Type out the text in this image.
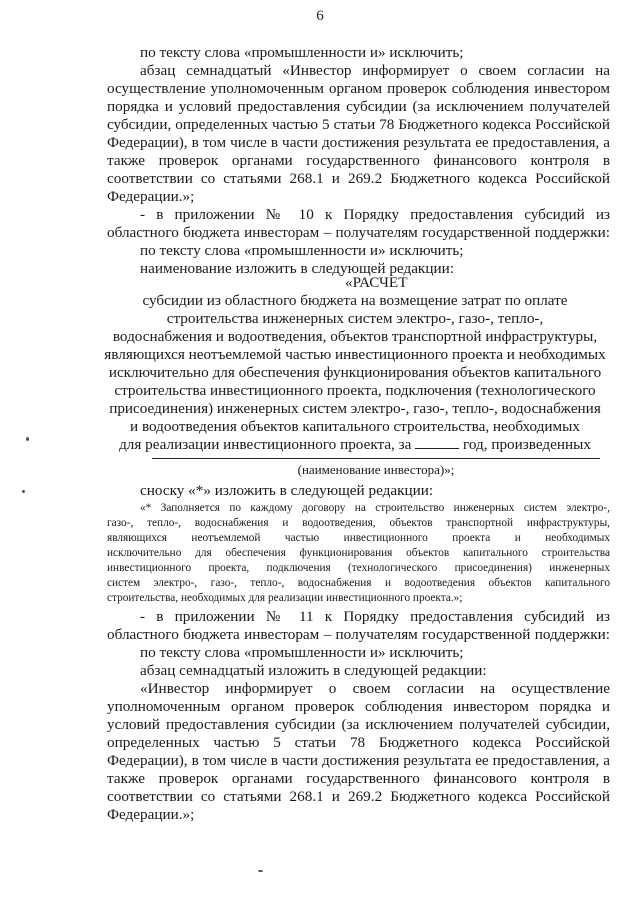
6
по тексту слова «промышленности и» исключить;
абзац семнадцатый «Инвестор информирует о своем согласии на
осуществление уполномоченным органом проверок соблюдения инвестором
порядка и условий предоставления субсидии (за исключением получателей
субсидии, определенных частью 5 статьи 78 Бюджетного кодекса Российской
Федерации), в том числе в части достижения результата ее предоставления, а
также проверок органами государственного финансового контроля в
соответствии со статьями 268.1 и 269.2 Бюджетного кодекса Российской
Федерации.»;
- в приложении № 10 к Порядку предоставления субсидий из
областного бюджета инвесторам – получателям государственной поддержки:
по тексту слова «промышленности и» исключить;
наименование изложить в следующей редакции:
«РАСЧЕТ
субсидии из областного бюджета на возмещение затрат по оплате
строительства инженерных систем электро-, газо-, тепло-,
водоснабжения и водоотведения, объектов транспортной инфраструктуры,
являющихся неотъемлемой частью инвестиционного проекта и необходимых
исключительно для обеспечения функционирования объектов капитального
строительства инвестиционного проекта, подключения (технологического
присоединения) инженерных систем электро-, газо-, тепло-, водоснабжения
и водоотведения объектов капитального строительства, необходимых
для реализации инвестиционного проекта, за	год, произведенных
(наименование инвестора)»;
сноску «*» изложить в следующей редакции:
«* Заполняется по каждому договору на строительство инженерных систем электро-,
газо-, тепло-, водоснабжения и водоотведения, объектов транспортной инфраструктуры,
являющихся неотъемлемой частью инвестиционного проекта и необходимых
исключительно для обеспечения функционирования объектов капитального строительства
инвестиционного проекта, подключения (технологического присоединения) инженерных
систем электро-, газо-, тепло-, водоснабжения и водоотведения объектов капитального
строительства, необходимых для реализации инвестиционного проекта.»;
- в приложении № 11 к Порядку предоставления субсидий из
областного бюджета инвесторам – получателям государственной поддержки:
по тексту слова «промышленности и» исключить;
абзац семнадцатый изложить в следующей редакции:
«Инвестор информирует о своем согласии на осуществление
уполномоченным органом проверок соблюдения инвестором порядка и
условий предоставления субсидии (за исключением получателей субсидии,
определенных частью 5 статьи 78 Бюджетного кодекса Российской
Федерации), в том числе в части достижения результата ее предоставления, а
также проверок органами государственного финансового контроля в
соответствии со статьями 268.1 и 269.2 Бюджетного кодекса Российской
Федерации.»;
